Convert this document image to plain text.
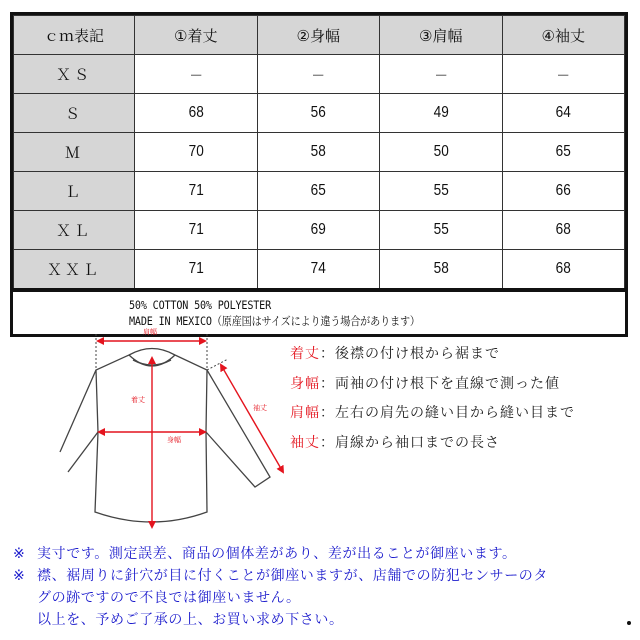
ｃｍ表記	①着丈	②身幅	③肩幅	④袖丈
ＸＳ	－	－	－	－
Ｓ	68	56	49	64
Ｍ	70	58	50	65
Ｌ	71	65	55	66
ＸＬ	71	69	55	68
ＸＸＬ	71	74	58	68
50% COTTON 50% POLYESTER
MADE IN MEXICO（原産国はサイズにより違う場合があります）
肩幅
着丈
身幅
袖丈
着丈：後襟の付け根から裾まで
身幅：両袖の付け根下を直線で測った値
肩幅：左右の肩先の縫い目から縫い目まで
袖丈：肩線から袖口までの長さ
※ 実寸です。測定誤差、商品の個体差があり、差が出ることが御座います。
※ 襟、裾周りに針穴が目に付くことが御座いますが、店舗での防犯センサーのタ
グの跡ですので不良では御座いません。
以上を、予めご了承の上、お買い求め下さい。
